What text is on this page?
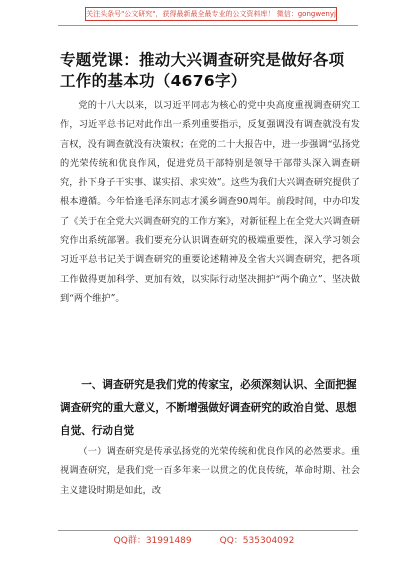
关注头条号"公文研究"，获得最新最全最专业的公文资料库！ 微信：gongwenyj
专题党课：推动大兴调查研究是做好各项工作的基本功（4676字）

党的十八大以来，以习近平同志为核心的党中央高度重视调查研究工作，习近平总书记对此作出一系列重要指示，反复强调没有调查就没有发言权，没有调查就没有决策权；在党的二十大报告中，进一步强调“弘扬党的光荣传统和优良作风，促进党员干部特别是领导干部带头深入调查研究，扑下身子干实事、谋实招、求实效”。这些为我们大兴调查研究提供了根本遵循。今年恰逢毛泽东同志才溪乡调查90周年。前段时间，中办印发了《关于在全党大兴调查研究的工作方案》，对新征程上在全党大兴调查研究作出系统部署。我们要充分认识调查研究的极端重要性，深入学习领会习近平总书记关于调查研究的重要论述精神及全省大兴调查研究，把各项工作做得更加科学、更加有效，以实际行动坚决拥护“两个确立”、坚决做到“两个维护”。

一、调查研究是我们党的传家宝，必须深刻认识、全面把握调查研究的重大意义，不断增强做好调查研究的政治自觉、思想自觉、行动自觉

（一）调查研究是传承弘扬党的光荣传统和优良作风的必然要求。重视调查研究，是我们党一百多年来一以贯之的优良传统，革命时期、社会主义建设时期是如此，改

QQ群：31991489	QQ：535304092
